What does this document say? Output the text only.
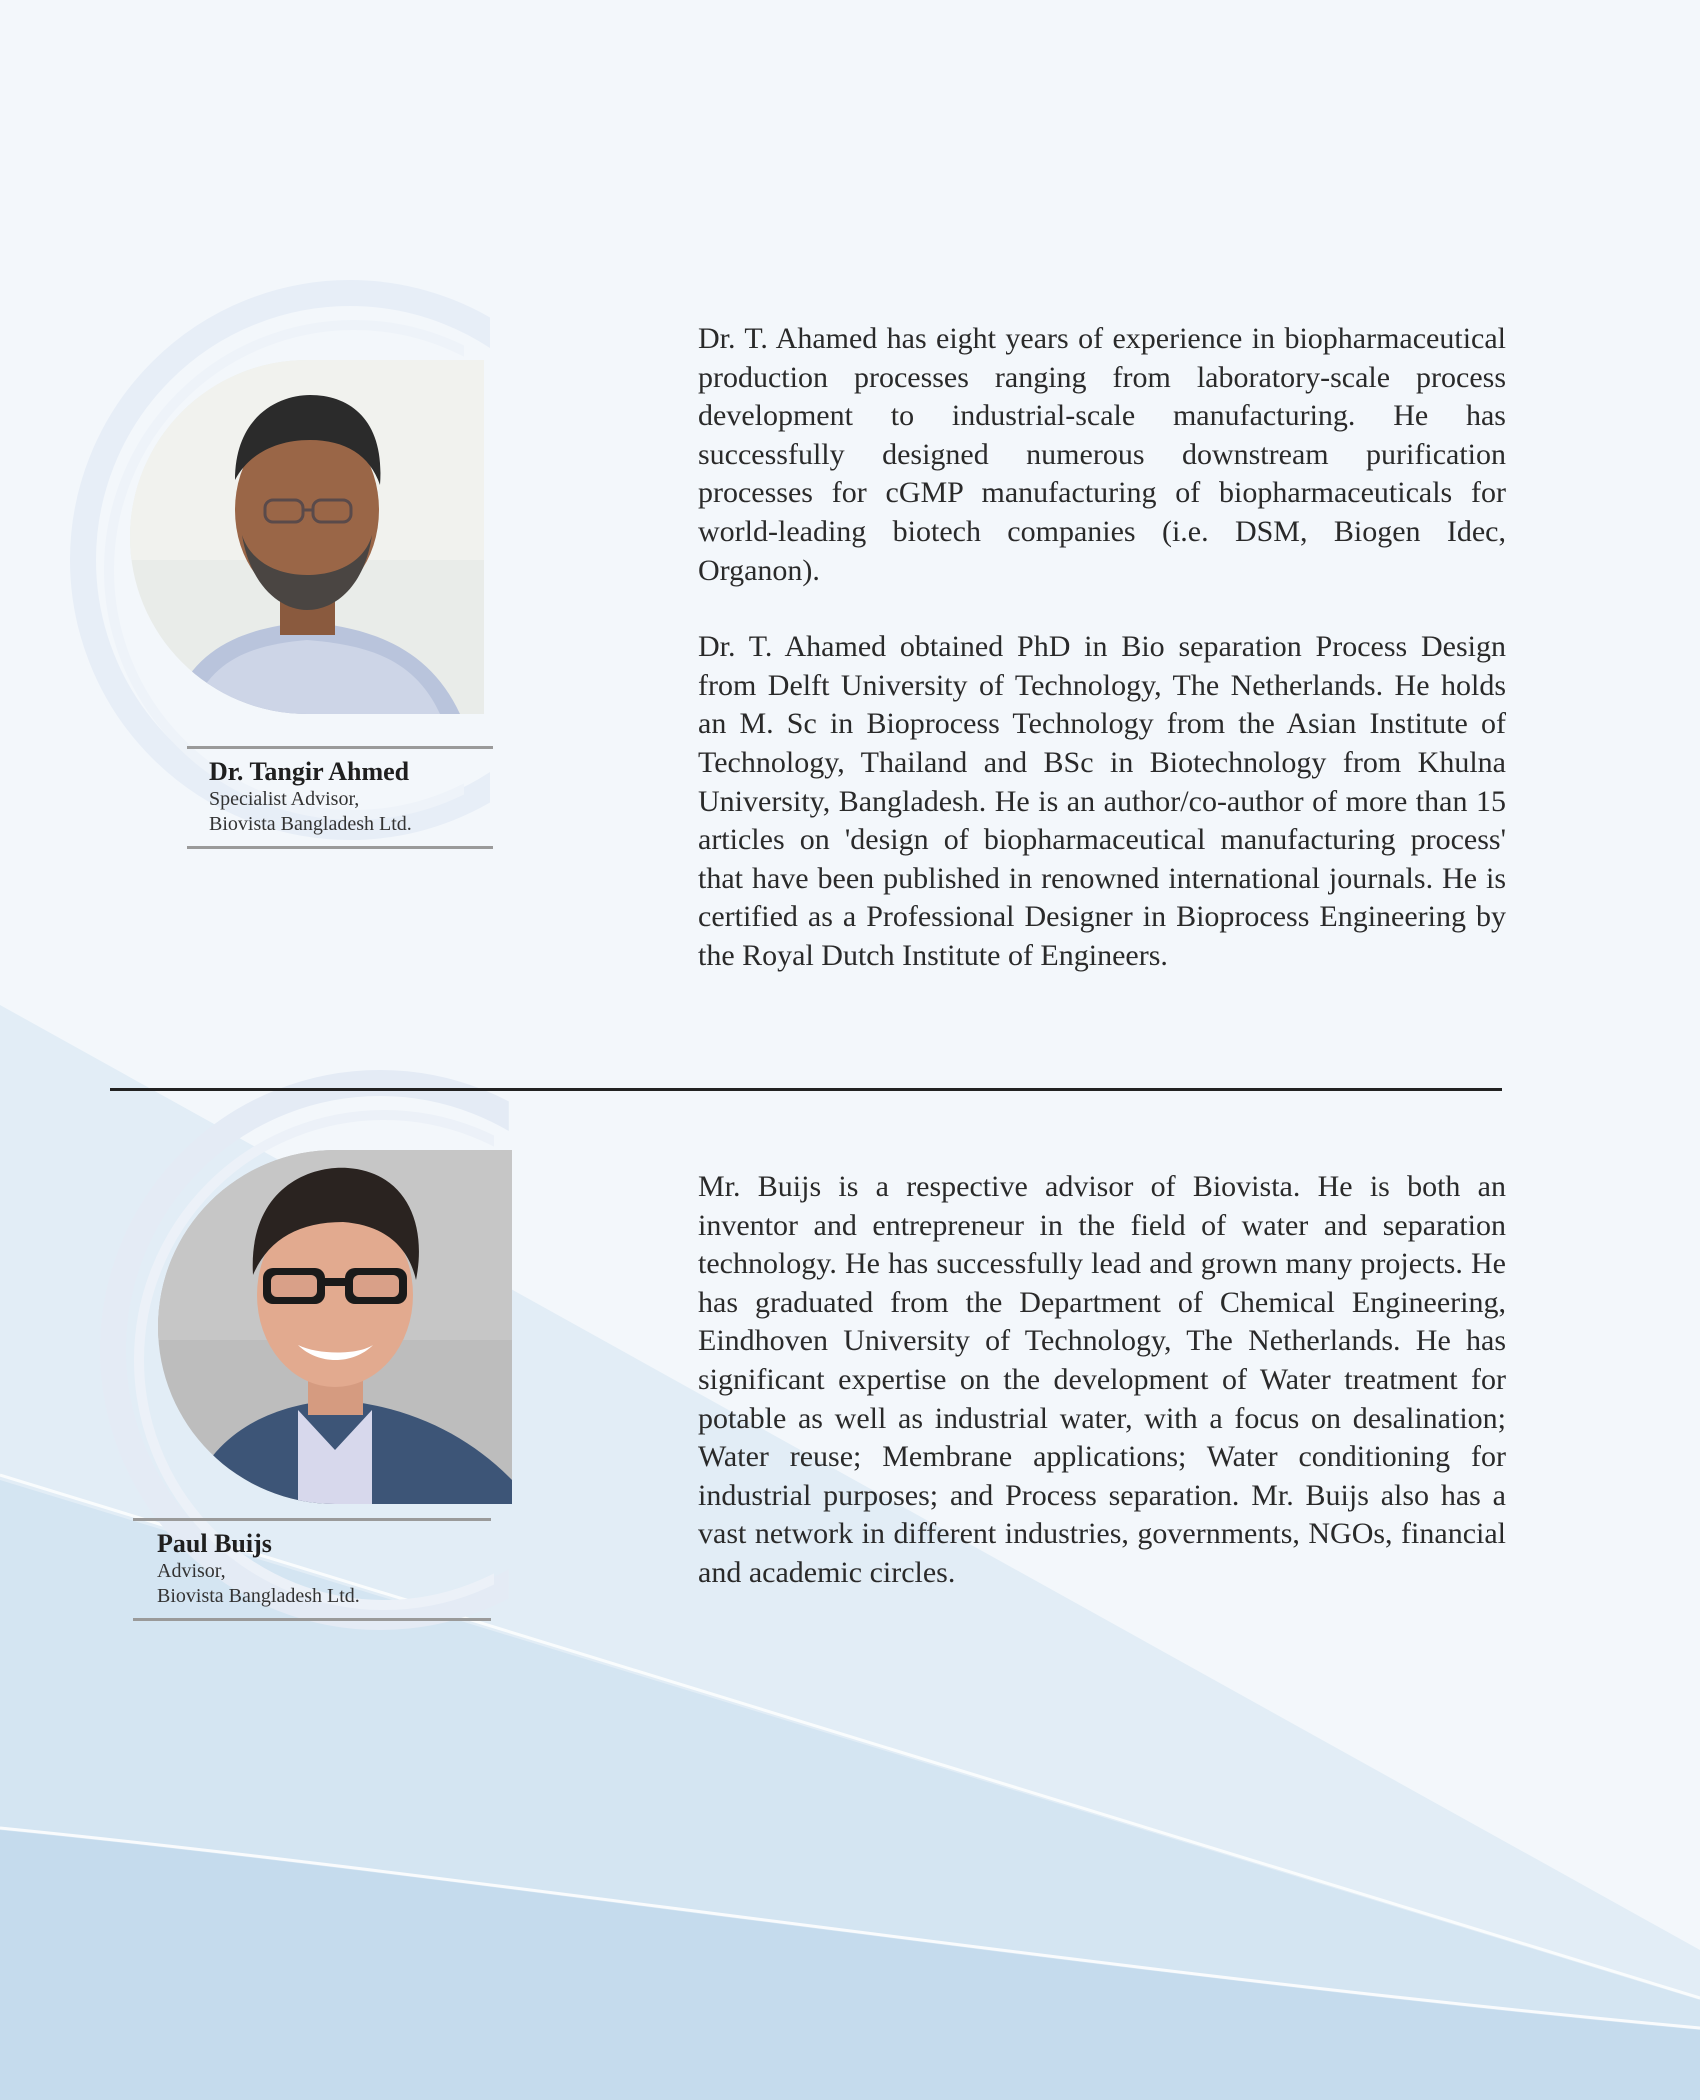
Dr. Tangir Ahmed
Specialist Advisor,
Biovista Bangladesh Ltd.

Dr. T. Ahamed has eight years of experience in biopharmaceutical production processes ranging from laboratory-scale process development to industrial-scale manufacturing. He has successfully designed numerous downstream purification processes for cGMP manufacturing of biopharmaceuticals for world-leading biotech companies (i.e. DSM, Biogen Idec, Organon).

Dr. T. Ahamed obtained PhD in Bio separation Process Design from Delft University of Technology, The Netherlands. He holds an M. Sc in Bioprocess Technology from the Asian Institute of Technology, Thailand and BSc in Biotechnology from Khulna University, Bangladesh. He is an author/co-author of more than 15 articles on 'design of biopharmaceutical manufacturing process' that have been published in renowned international journals. He is certified as a Professional Designer in Bioprocess Engineering by the Royal Dutch Institute of Engineers.

Paul Buijs
Advisor,
Biovista Bangladesh Ltd.

Mr. Buijs is a respective advisor of Biovista. He is both an inventor and entrepreneur in the field of water and separation technology. He has successfully lead and grown many projects. He has graduated from the Department of Chemical Engineering, Eindhoven University of Technology, The Netherlands. He has significant expertise on the development of Water treatment for potable as well as industrial water, with a focus on desalination; Water reuse; Membrane applications; Water conditioning for industrial purposes; and Process separation. Mr. Buijs also has a vast network in different industries, governments, NGOs, financial and academic circles.
